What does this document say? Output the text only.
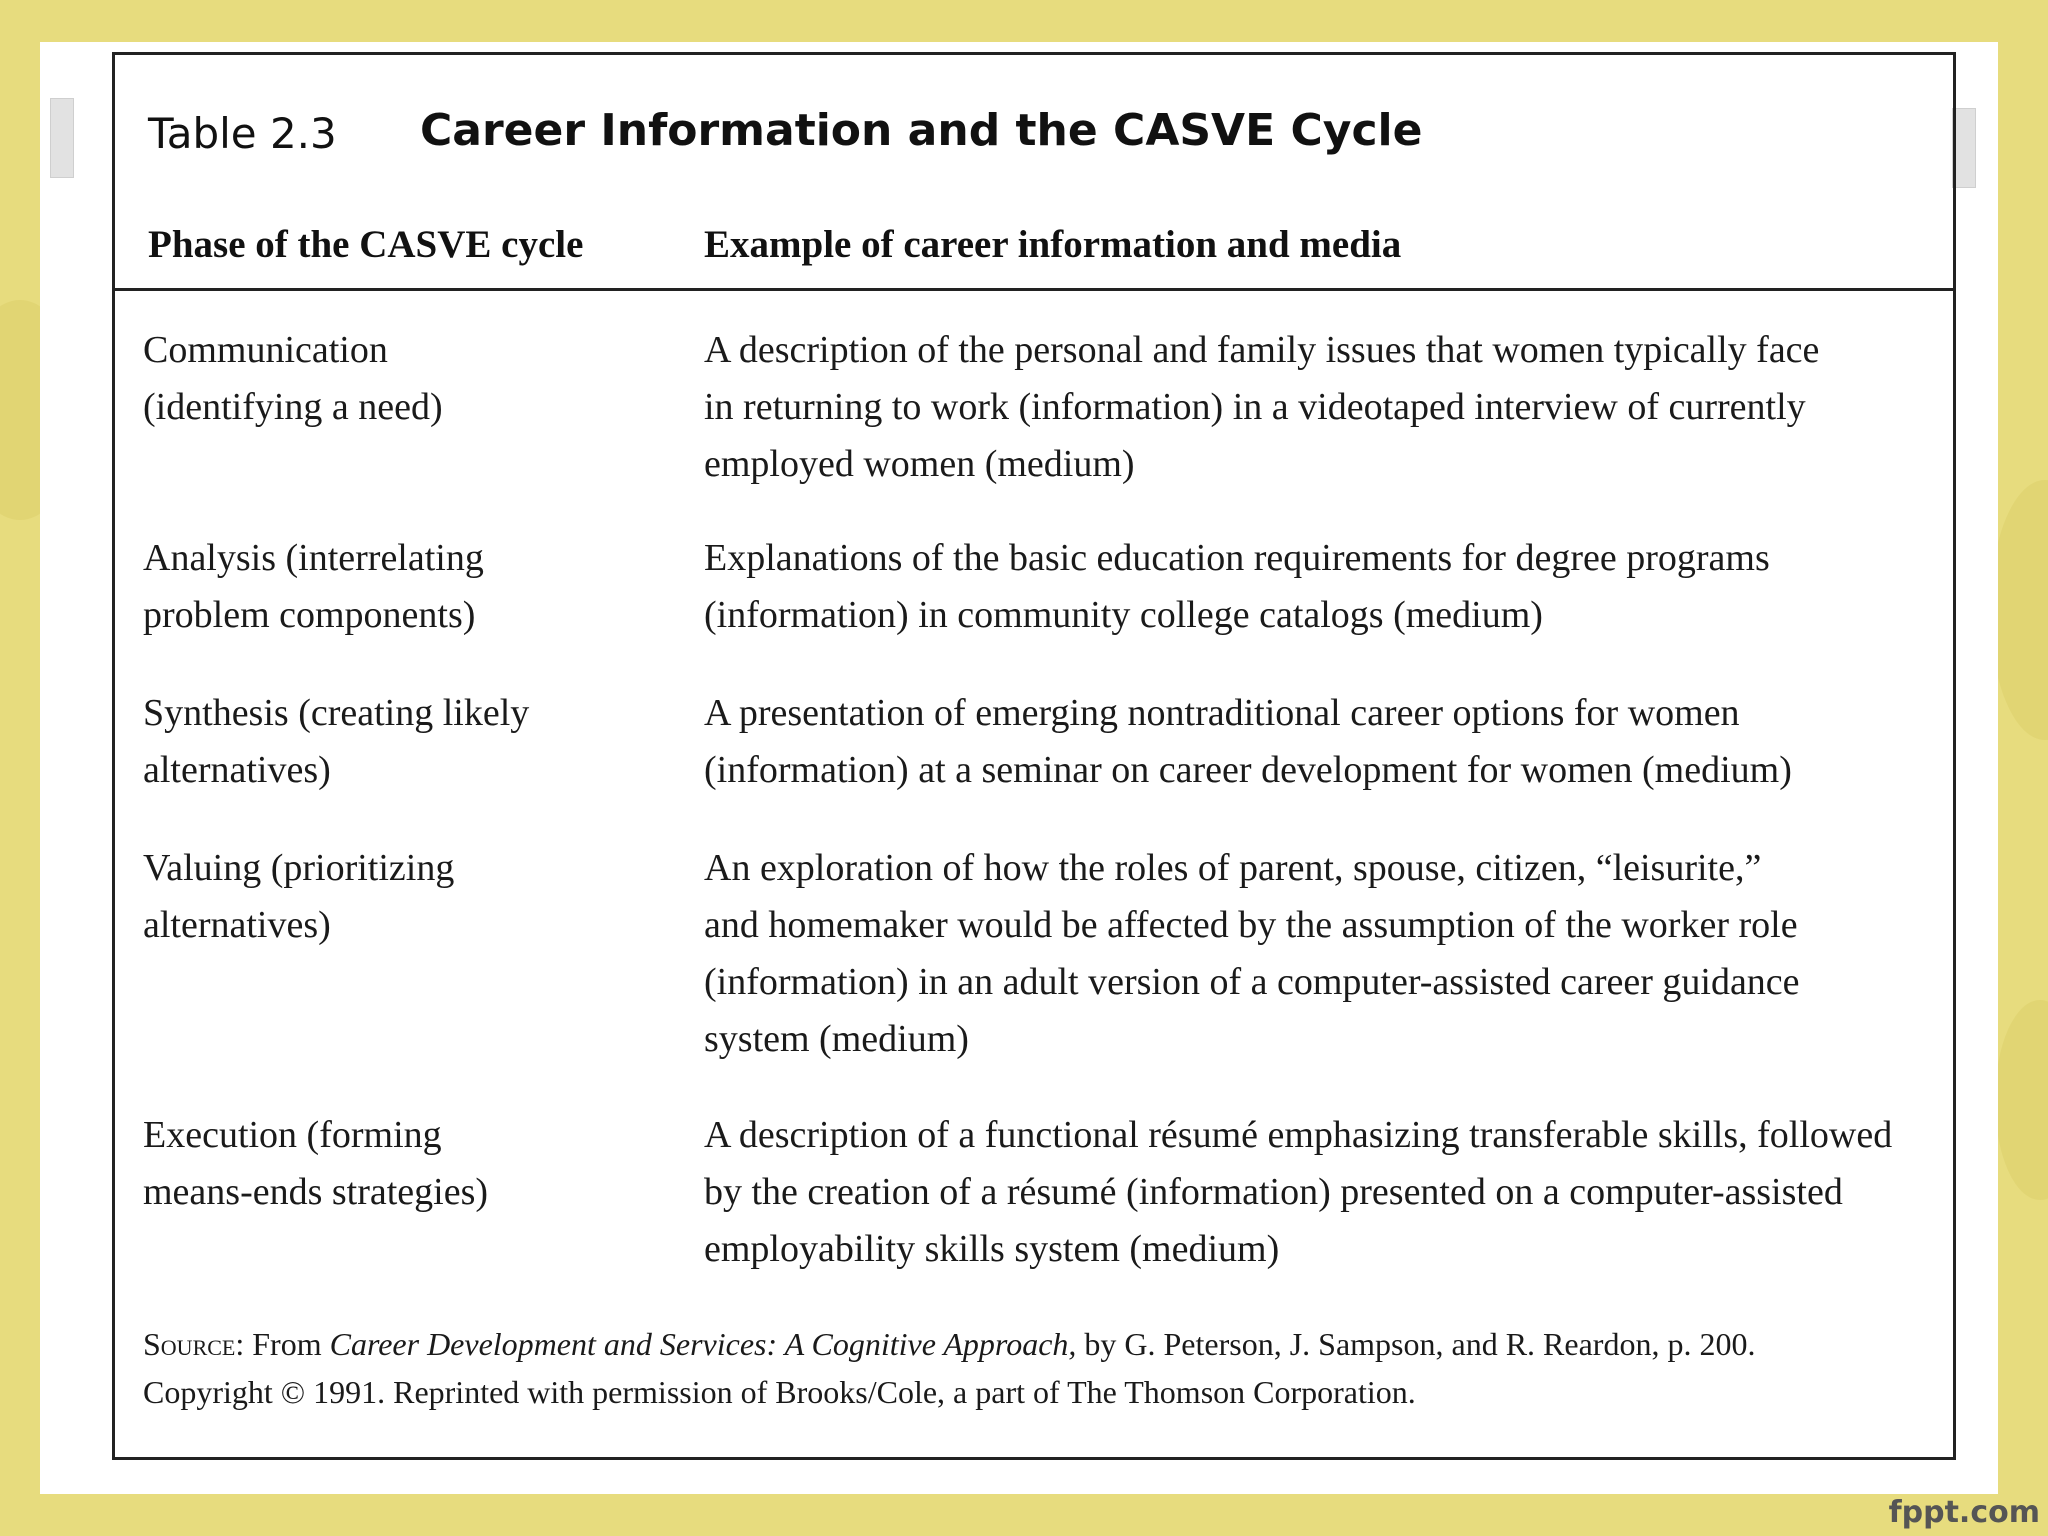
Table 2.3 Career Information and the CASVE Cycle
Phase of the CASVE cycle	Example of career information and media
Communication
(identifying a need)
A description of the personal and family issues that women typically face
in returning to work (information) in a videotaped interview of currently
employed women (medium)
Analysis (interrelating
problem components)
Explanations of the basic education requirements for degree programs
(information) in community college catalogs (medium)
Synthesis (creating likely
alternatives)
A presentation of emerging nontraditional career options for women
(information) at a seminar on career development for women (medium)
Valuing (prioritizing
alternatives)
An exploration of how the roles of parent, spouse, citizen, “leisurite,”
and homemaker would be affected by the assumption of the worker role
(information) in an adult version of a computer-assisted career guidance
system (medium)
Execution (forming
means-ends strategies)
A description of a functional résumé emphasizing transferable skills, followed
by the creation of a résumé (information) presented on a computer-assisted
employability skills system (medium)
Source: From Career Development and Services: A Cognitive Approach, by G. Peterson, J. Sampson, and R. Reardon, p. 200.
Copyright © 1991. Reprinted with permission of Brooks/Cole, a part of The Thomson Corporation.
fppt.com
